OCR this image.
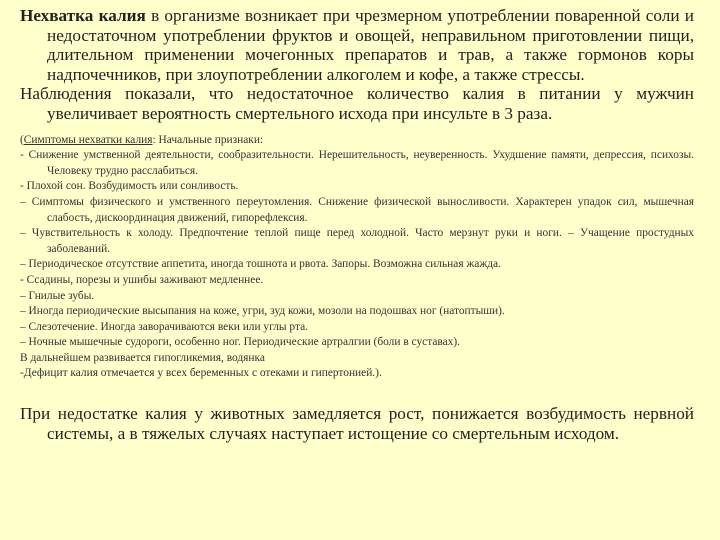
Нехватка калия в организме возникает при чрезмерном употреблении поваренной соли и недостаточном употреблении фруктов и овощей, неправильном приготовлении пищи, длительном применении мочегонных препаратов и трав, а также гормонов коры надпочечников, при злоупотреблении алкоголем и кофе, а также стрессы.

Наблюдения показали, что недостаточное количество калия в питании у мужчин увеличивает вероятность смертельного исхода при инсульте в 3 раза.

(Симптомы нехватки калия: Начальные признаки:

- Снижение умственной деятельности, сообразительности. Нерешительность, неуверенность. Ухудшение памяти, депрессия, психозы. Человеку трудно расслабиться.

- Плохой сон. Возбудимость или сонливость.

– Симптомы физического и умственного переутомления. Снижение физической выносливости. Характерен упадок сил, мышечная слабость, дискоординация движений, гипорефлексия.

– Чувствительность к холоду. Предпочтение теплой пище перед холодной. Часто мерзнут руки и ноги. – Учащение простудных заболеваний.

– Периодическое отсутствие аппетита, иногда тошнота и рвота. Запоры. Возможна сильная жажда.

- Ссадины, порезы и ушибы заживают медленнее.

– Гнилые зубы.

– Иногда периодические высыпания на коже, угри, зуд кожи, мозоли на подошвах ног (натоптыши).

– Слезотечение. Иногда заворачиваются веки или углы рта.

– Ночные мышечные судороги, особенно ног. Периодические артралгии (боли в суставах).

В дальнейшем развивается гипогликемия, водянка

-Дефицит калия отмечается у всех беременных с отеками и гипертонией.).

При недостатке калия у животных замедляется рост, понижается возбудимость нервной системы, а в тяжелых случаях наступает истощение со смертельным исходом.
